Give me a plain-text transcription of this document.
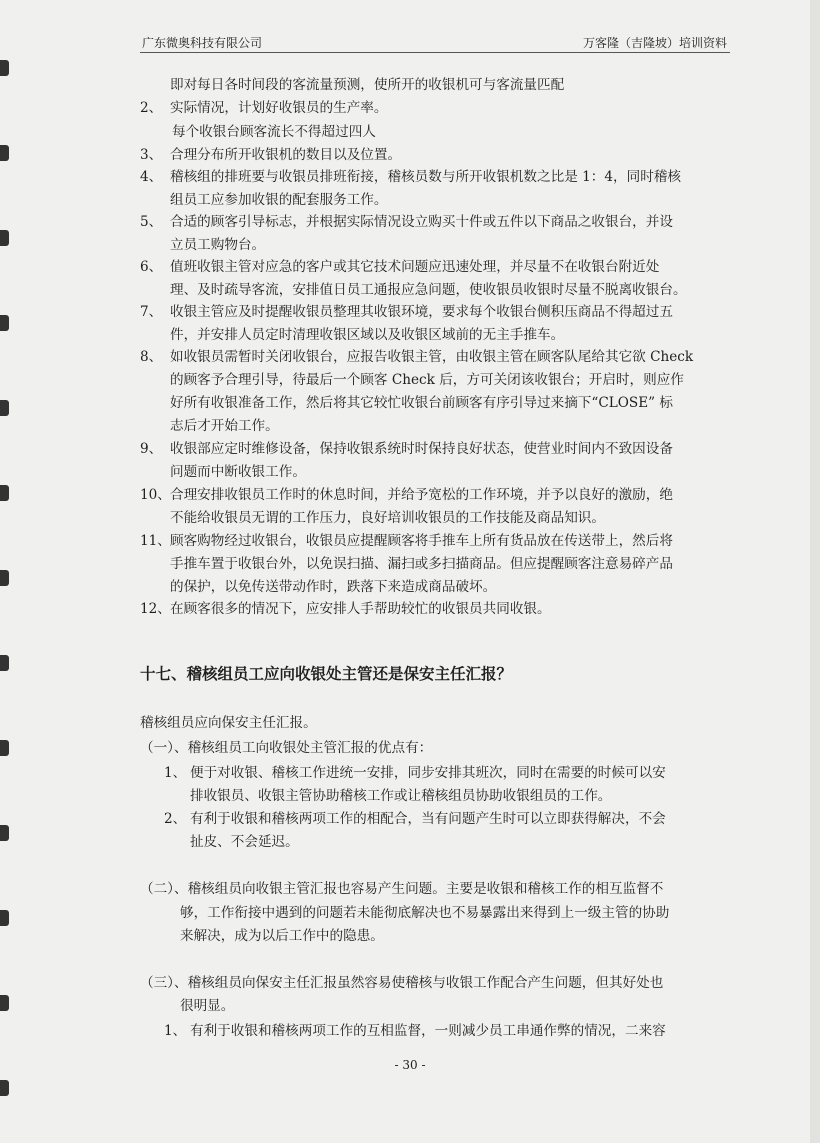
广东微奥科技有限公司	万客隆（吉隆坡）培训资料
即对每日各时间段的客流量预测，使所开的收银机可与客流量匹配
2、 实际情况，计划好收银员的生产率。
每个收银台顾客流长不得超过四人
3、 合理分布所开收银机的数目以及位置。
4、 稽核组的排班要与收银员排班衔接，稽核员数与所开收银机数之比是 1：4，同时稽核
组员工应参加收银的配套服务工作。
5、 合适的顾客引导标志，并根据实际情况设立购买十件或五件以下商品之收银台，并设
立员工购物台。
6、 值班收银主管对应急的客户或其它技术问题应迅速处理，并尽量不在收银台附近处
理、及时疏导客流，安排值日员工通报应急问题，使收银员收银时尽量不脱离收银台。
7、 收银主管应及时提醒收银员整理其收银环境，要求每个收银台侧积压商品不得超过五
件，并安排人员定时清理收银区域以及收银区域前的无主手推车。
8、 如收银员需暂时关闭收银台，应报告收银主管，由收银主管在顾客队尾给其它欲 Check
的顾客予合理引导，待最后一个顾客 Check 后，方可关闭该收银台；开启时，则应作
好所有收银准备工作，然后将其它较忙收银台前顾客有序引导过来摘下“CLOSE” 标
志后才开始工作。
9、 收银部应定时维修设备，保持收银系统时时保持良好状态，使营业时间内不致因设备
问题而中断收银工作。
10、 合理安排收银员工作时的休息时间，并给予宽松的工作环境，并予以良好的激励，绝
不能给收银员无谓的工作压力，良好培训收银员的工作技能及商品知识。
11、 顾客购物经过收银台，收银员应提醒顾客将手推车上所有货品放在传送带上，然后将
手推车置于收银台外，以免误扫描、漏扫或多扫描商品。但应提醒顾客注意易碎产品
的保护，以免传送带动作时，跌落下来造成商品破坏。
12、 在顾客很多的情况下，应安排人手帮助较忙的收银员共同收银。
十七、稽核组员工应向收银处主管还是保安主任汇报？
稽核组员应向保安主任汇报。
（一）、稽核组员工向收银处主管汇报的优点有：
1、 便于对收银、稽核工作进统一安排，同步安排其班次，同时在需要的时候可以安
排收银员、收银主管协助稽核工作或让稽核组员协助收银组员的工作。
2、 有利于收银和稽核两项工作的相配合，当有问题产生时可以立即获得解决，不会
扯皮、不会延迟。
（二）、稽核组员向收银主管汇报也容易产生问题。主要是收银和稽核工作的相互监督不
够，工作衔接中遇到的问题若未能彻底解决也不易暴露出来得到上一级主管的协助
来解决，成为以后工作中的隐患。
（三）、稽核组员向保安主任汇报虽然容易使稽核与收银工作配合产生问题，但其好处也
很明显。
1、 有利于收银和稽核两项工作的互相监督，一则减少员工串通作弊的情况，二来容
- 30 -
